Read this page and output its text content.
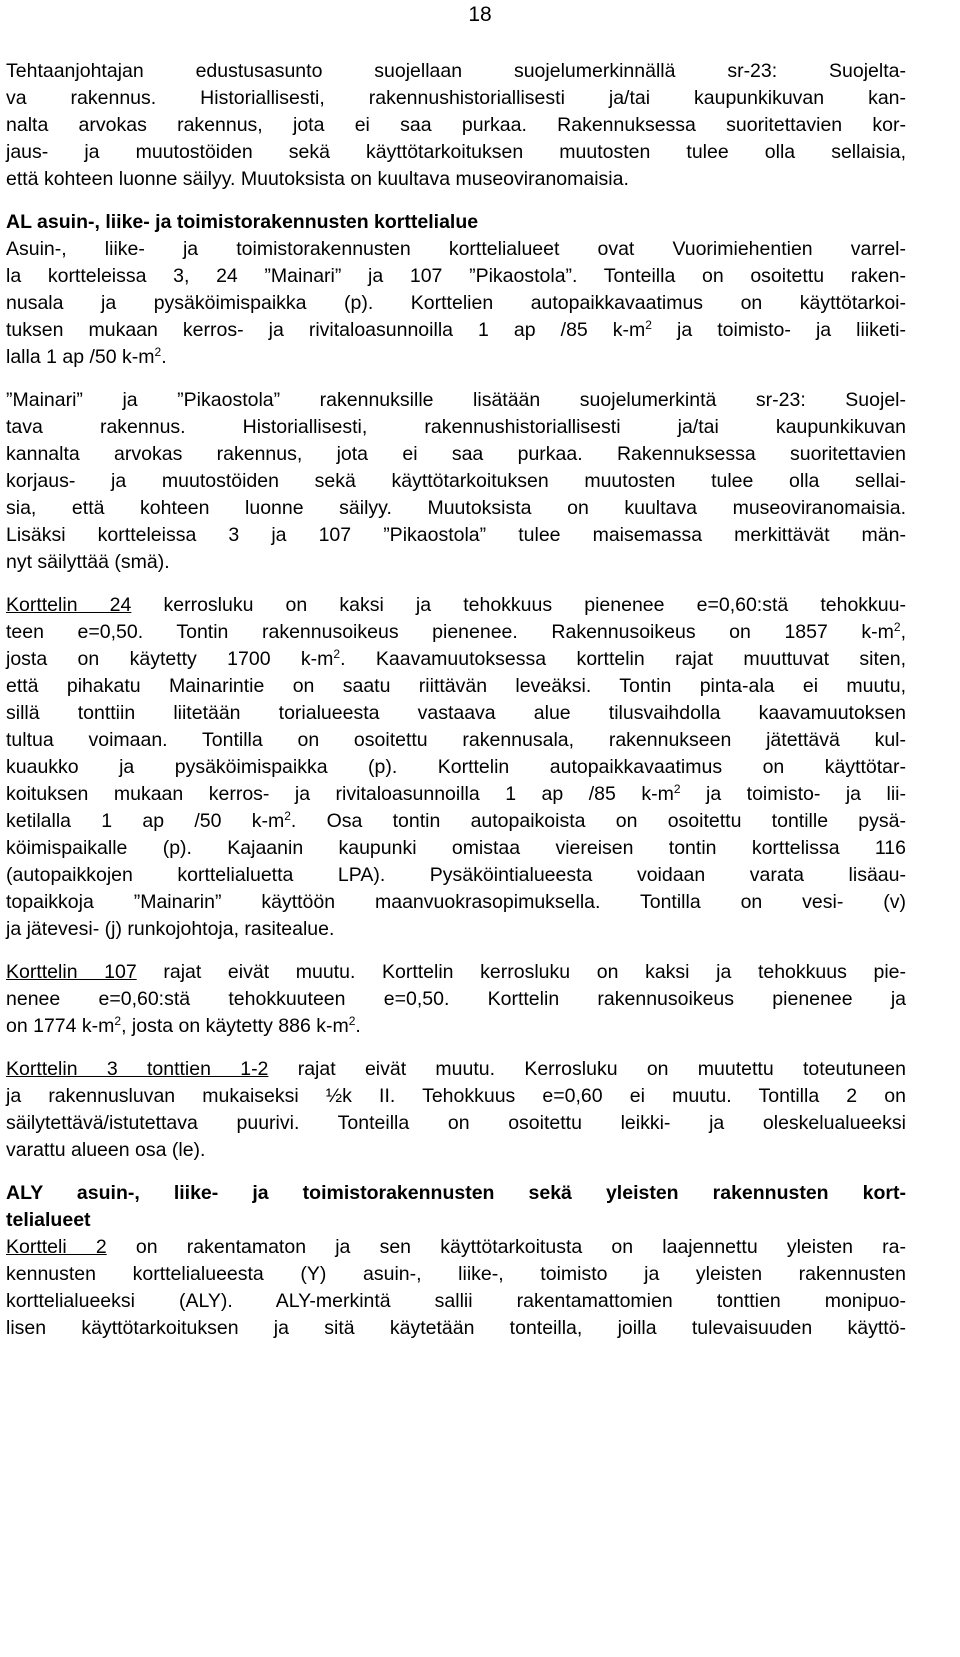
18
Tehtaanjohtajan edustusasunto suojellaan suojelumerkinnällä sr-23: Suojelta-
va rakennus. Historiallisesti, rakennushistoriallisesti ja/tai kaupunkikuvan kan-
nalta arvokas rakennus, jota ei saa purkaa. Rakennuksessa suoritettavien kor-
jaus- ja muutostöiden sekä käyttötarkoituksen muutosten tulee olla sellaisia,
että kohteen luonne säilyy. Muutoksista on kuultava museoviranomaisia.
AL asuin-, liike- ja toimistorakennusten korttelialue
Asuin-, liike- ja toimistorakennusten korttelialueet ovat Vuorimiehentien varrel-
la kortteleissa 3, 24 ”Mainari” ja 107 ”Pikaostola”. Tonteilla on osoitettu raken-
nusala ja pysäköimispaikka (p). Korttelien autopaikkavaatimus on käyttötarkoi-
tuksen mukaan kerros- ja rivitaloasunnoilla 1 ap /85 $k-m^2$ ja toimisto- ja liiketi-
lalla 1 ap /50 $k-m^2$.
”Mainari” ja ”Pikaostola” rakennuksille lisätään suojelumerkintä sr-23: Suojel-
tava rakennus. Historiallisesti, rakennushistoriallisesti ja/tai kaupunkikuvan
kannalta arvokas rakennus, jota ei saa purkaa. Rakennuksessa suoritettavien
korjaus- ja muutostöiden sekä käyttötarkoituksen muutosten tulee olla sellai-
sia, että kohteen luonne säilyy. Muutoksista on kuultava museoviranomaisia.
Lisäksi kortteleissa 3 ja 107 ”Pikaostola” tulee maisemassa merkittävät män-
nyt säilyttää (smä).
Korttelin 24 kerrosluku on kaksi ja tehokkuus pienenee e=0,60:stä tehokkuu-
teen e=0,50. Tontin rakennusoikeus pienenee. Rakennusoikeus on 1857 $k-m^2$,
josta on käytetty 1700 $k-m^2$. Kaavamuutoksessa korttelin rajat muuttuvat siten,
että pihakatu Mainarintie on saatu riittävän leveäksi. Tontin pinta-ala ei muutu,
sillä tonttiin liitetään torialueesta vastaava alue tilusvaihdolla kaavamuutoksen
tultua voimaan. Tontilla on osoitettu rakennusala, rakennukseen jätettävä kul-
kuaukko ja pysäköimispaikka (p). Korttelin autopaikkavaatimus on käyttötar-
koituksen mukaan kerros- ja rivitaloasunnoilla 1 ap /85 $k-m^2$ ja toimisto- ja lii-
ketilalla 1 ap /50 $k-m^2$. Osa tontin autopaikoista on osoitettu tontille pysä-
köimispaikalle (p). Kajaanin kaupunki omistaa viereisen tontin korttelissa 116
(autopaikkojen korttelialuetta LPA). Pysäköintialueesta voidaan varata lisäau-
topaikkoja ”Mainarin” käyttöön maanvuokrasopimuksella. Tontilla on vesi- (v)
ja jätevesi- (j) runkojohtoja, rasitealue.
Korttelin 107 rajat eivät muutu. Korttelin kerrosluku on kaksi ja tehokkuus pie-
nenee e=0,60:stä tehokkuuteen e=0,50. Korttelin rakennusoikeus pienenee ja
on 1774 $k-m^2$, josta on käytetty 886 $k-m^2$.
Korttelin 3 tonttien 1-2 rajat eivät muutu. Kerrosluku on muutettu toteutuneen
ja rakennusluvan mukaiseksi ½k II. Tehokkuus e=0,60 ei muutu. Tontilla 2 on
säilytettävä/istutettava puurivi. Tonteilla on osoitettu leikki- ja oleskelualueeksi
varattu alueen osa (le).
ALY asuin-, liike- ja toimistorakennusten sekä yleisten rakennusten kort-
telialueet
Kortteli 2 on rakentamaton ja sen käyttötarkoitusta on laajennettu yleisten ra-
kennusten korttelialueesta (Y) asuin-, liike-, toimisto ja yleisten rakennusten
korttelialueeksi (ALY). ALY-merkintä sallii rakentamattomien tonttien monipuo-
lisen käyttötarkoituksen ja sitä käytetään tonteilla, joilla tulevaisuuden käyttö-
